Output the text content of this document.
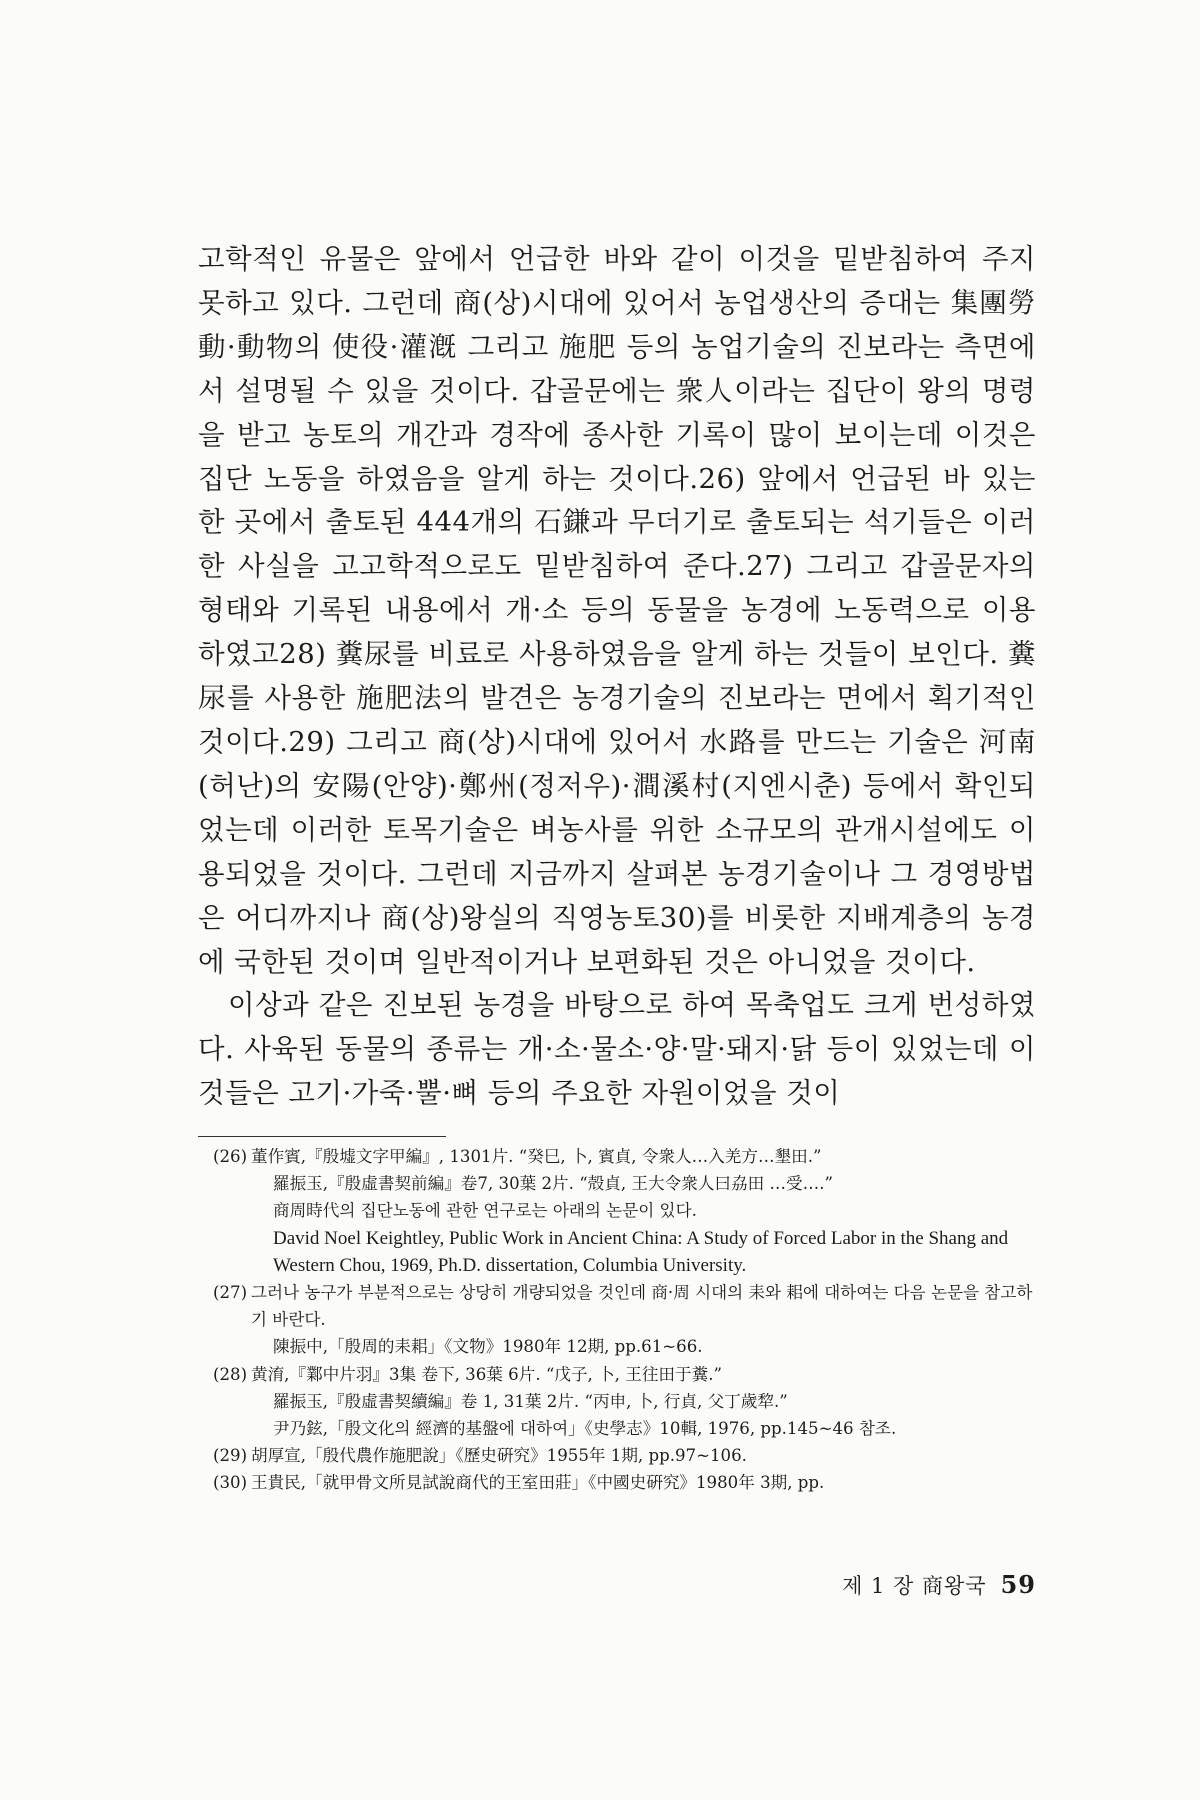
고학적인 유물은 앞에서 언급한 바와 같이 이것을 밑받침하여 주지 못하고 있다. 그런데 商(상)시대에 있어서 농업생산의 증대는 集團勞動·動物의 使役·灌漑 그리고 施肥 등의 농업기술의 진보라는 측면에서 설명될 수 있을 것이다. 갑골문에는 衆人이라는 집단이 왕의 명령을 받고 농토의 개간과 경작에 종사한 기록이 많이 보이는데 이것은 집단 노동을 하였음을 알게 하는 것이다.26) 앞에서 언급된 바 있는 한 곳에서 출토된 444개의 石鎌과 무더기로 출토되는 석기들은 이러한 사실을 고고학적으로도 밑받침하여 준다.27) 그리고 갑골문자의 형태와 기록된 내용에서 개·소 등의 동물을 농경에 노동력으로 이용하였고28) 糞尿를 비료로 사용하였음을 알게 하는 것들이 보인다. 糞尿를 사용한 施肥法의 발견은 농경기술의 진보라는 면에서 획기적인 것이다.29) 그리고 商(상)시대에 있어서 水路를 만드는 기술은 河南(허난)의 安陽(안양)·鄭州(정저우)·澗溪村(지엔시춘) 등에서 확인되었는데 이러한 토목기술은 벼농사를 위한 소규모의 관개시설에도 이용되었을 것이다. 그런데 지금까지 살펴본 농경기술이나 그 경영방법은 어디까지나 商(상)왕실의 직영농토30)를 비롯한 지배계층의 농경에 국한된 것이며 일반적이거나 보편화된 것은 아니었을 것이다.

이상과 같은 진보된 농경을 바탕으로 하여 목축업도 크게 번성하였다. 사육된 동물의 종류는 개·소·물소·양·말·돼지·닭 등이 있었는데 이것들은 고기·가죽·뿔·뼈 등의 주요한 자원이었을 것이

(26) 董作賓,『殷墟文字甲編』, 1301片. “癸巳, 卜, 賓貞, 令衆人…入羌方…墾田.”
羅振玉,『殷虛書契前編』卷7, 30葉 2片. “殻貞, 王大令衆人曰劦田 …受….”
商周時代의 집단노동에 관한 연구로는 아래의 논문이 있다.
David Noel Keightley, Public Work in Ancient China: A Study of Forced Labor in the Shang and Western Chou, 1969, Ph.D. dissertation, Columbia University.
(27) 그러나 농구가 부분적으로는 상당히 개량되었을 것인데 商·周 시대의 耒와 耜에 대하여는 다음 논문을 참고하기 바란다.
陳振中,「殷周的耒耜」《文物》1980年 12期, pp.61~66.
(28) 黄淯,『鄴中片羽』3集 卷下, 36葉 6片. “戊子, 卜, 王往田于糞.”
羅振玉,『殷虛書契續編』卷 1, 31葉 2片. “丙申, 卜, 行貞, 父丁歲犂.”
尹乃鉉,「殷文化의 經濟的基盤에 대하여」《史學志》10輯, 1976, pp.145~46 참조.
(29) 胡厚宣,「殷代農作施肥說」《歷史硏究》1955年 1期, pp.97~106.
(30) 王貴民,「就甲骨文所見試說商代的王室田莊」《中國史硏究》1980年 3期, pp.
제 1 장 商왕국 59
